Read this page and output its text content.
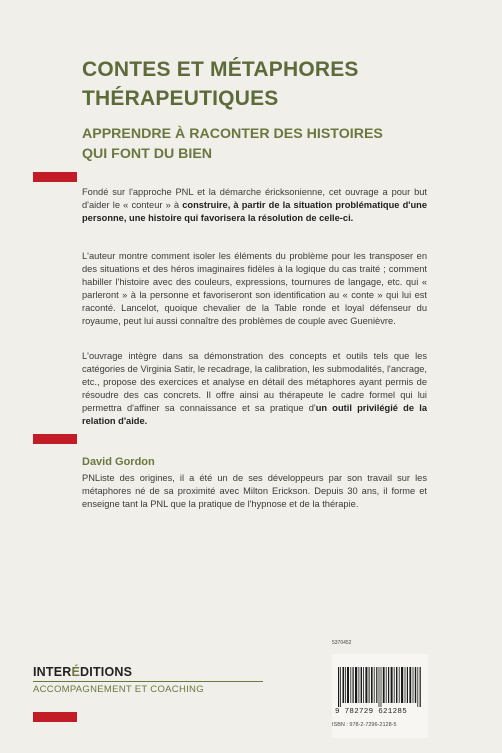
CONTES ET MÉTAPHORES
THÉRAPEUTIQUES
APPRENDRE À RACONTER DES HISTOIRES
QUI FONT DU BIEN
Fondé sur l'approche PNL et la démarche éricksonienne, cet ouvrage a pour but d'aider le « conteur » à construire, à partir de la situation problématique d'une personne, une histoire qui favorisera la résolution de celle-ci.
L'auteur montre comment isoler les éléments du problème pour les transposer en des situations et des héros imaginaires fidèles à la logique du cas traité ; comment habiller l'histoire avec des couleurs, expressions, tournures de langage, etc. qui « parleront » à la personne et favoriseront son identification au « conte » qui lui est raconté. Lancelot, quoique chevalier de la Table ronde et loyal défenseur du royaume, peut lui aussi connaître des problèmes de couple avec Guenièvre.
L'ouvrage intègre dans sa démonstration des concepts et outils tels que les catégories de Virginia Satir, le recadrage, la calibration, les submodalités, l'ancrage, etc., propose des exercices et analyse en détail des métaphores ayant permis de résoudre des cas concrets. Il offre ainsi au thérapeute le cadre formel qui lui permettra d'affiner sa connaissance et sa pratique d'un outil privilégié de la relation d'aide.
David Gordon
PNListe des origines, il a été un de ses développeurs par son travail sur les métaphores né de sa proximité avec Milton Erickson. Depuis 30 ans, il forme et enseigne tant la PNL que la pratique de l'hypnose et de la thérapie.
INTERÉDITIONS
ACCOMPAGNEMENT ET COACHING
5370452
9 782729 621285
ISBN : 978-2-7296-2128-5
